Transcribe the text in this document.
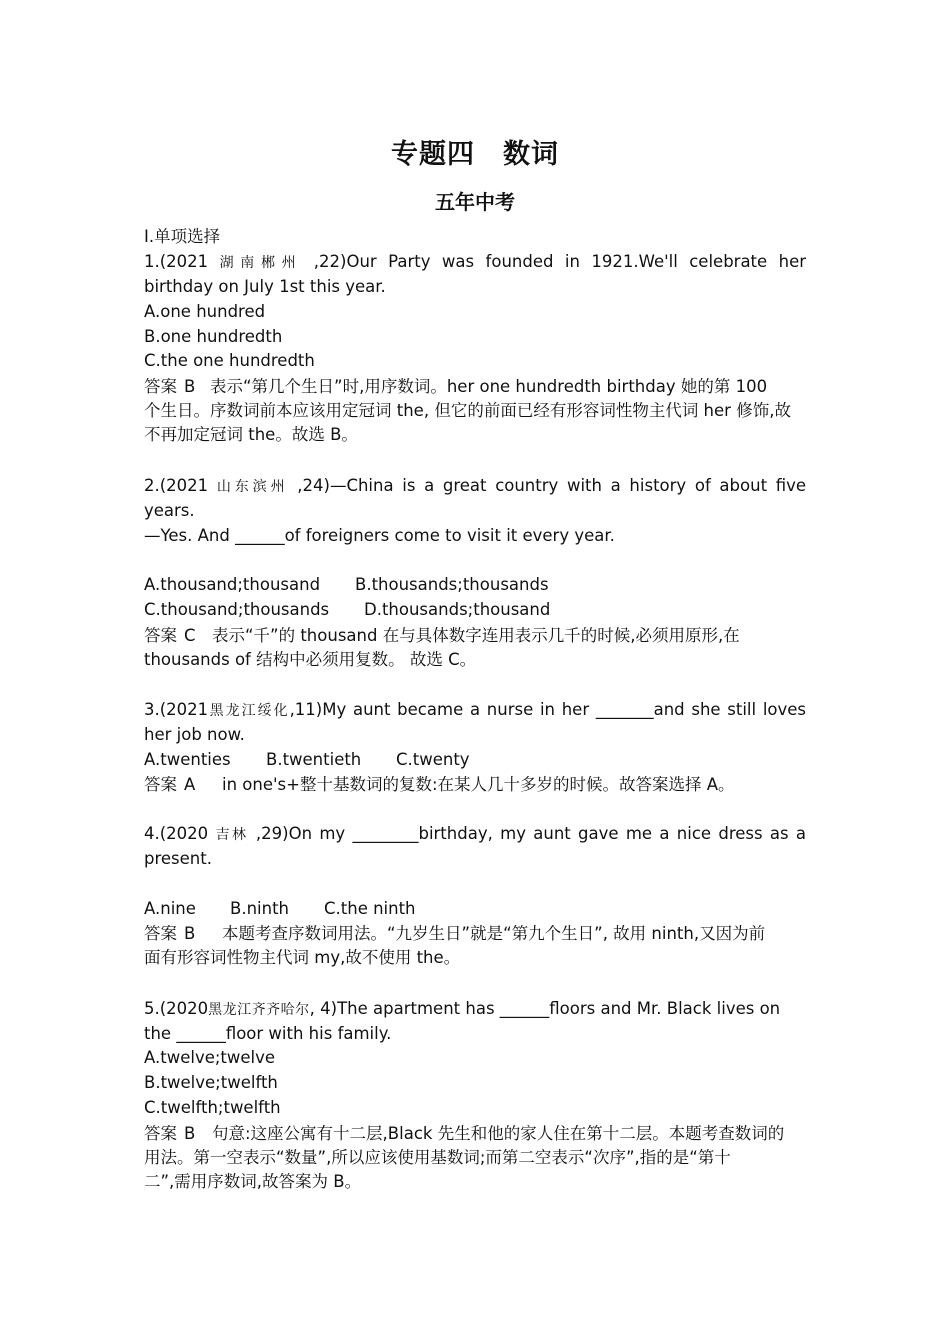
专题四　数词
五年中考
Ⅰ.单项选择
1.(2021 湖南郴州 ,22)Our Party was founded in 1921.We'll celebrate her
birthday on July 1st this year.
A.one hundred
B.one hundredth
C.the one hundredth
答案 B 表示“第几个生日”时,用序数词。her one hundredth birthday 她的第 100
个生日。序数词前本应该用定冠词 the, 但它的前面已经有形容词性物主代词 her 修饰,故
不再加定冠词 the。故选 B。
2.(2021 山东滨州 ,24)—China is a great country with a history of about five
years.
—Yes. And ______of foreigners come to visit it every year.
A.thousand;thousand B.thousands;thousands
C.thousand;thousands D.thousands;thousand
答案 C 表示“千”的 thousand 在与具体数字连用表示几千的时候,必须用原形,在
thousands of 结构中必须用复数。 故选 C。
3.(2021黑龙江绥化,11)My aunt became a nurse in her _______and she still loves
her job now.
A.twenties B.twentieth C.twenty
答案 A in one's+整十基数词的复数:在某人几十多岁的时候。故答案选择 A。
4.(2020 吉林 ,29)On my ________birthday, my aunt gave me a nice dress as a
present.
A.nine B.ninth C.the ninth
答案 B 本题考查序数词用法。“九岁生日”就是“第九个生日”, 故用 ninth,又因为前
面有形容词性物主代词 my,故不使用 the。
5.(2020黑龙江齐齐哈尔, 4)The apartment has ______floors and Mr. Black lives on
the ______floor with his family.
A.twelve;twelve
B.twelve;twelfth
C.twelfth;twelfth
答案 B 句意:这座公寓有十二层,Black 先生和他的家人住在第十二层。本题考查数词的
用法。第一空表示“数量”,所以应该使用基数词;而第二空表示“次序”,指的是“第十
二”,需用序数词,故答案为 B。
